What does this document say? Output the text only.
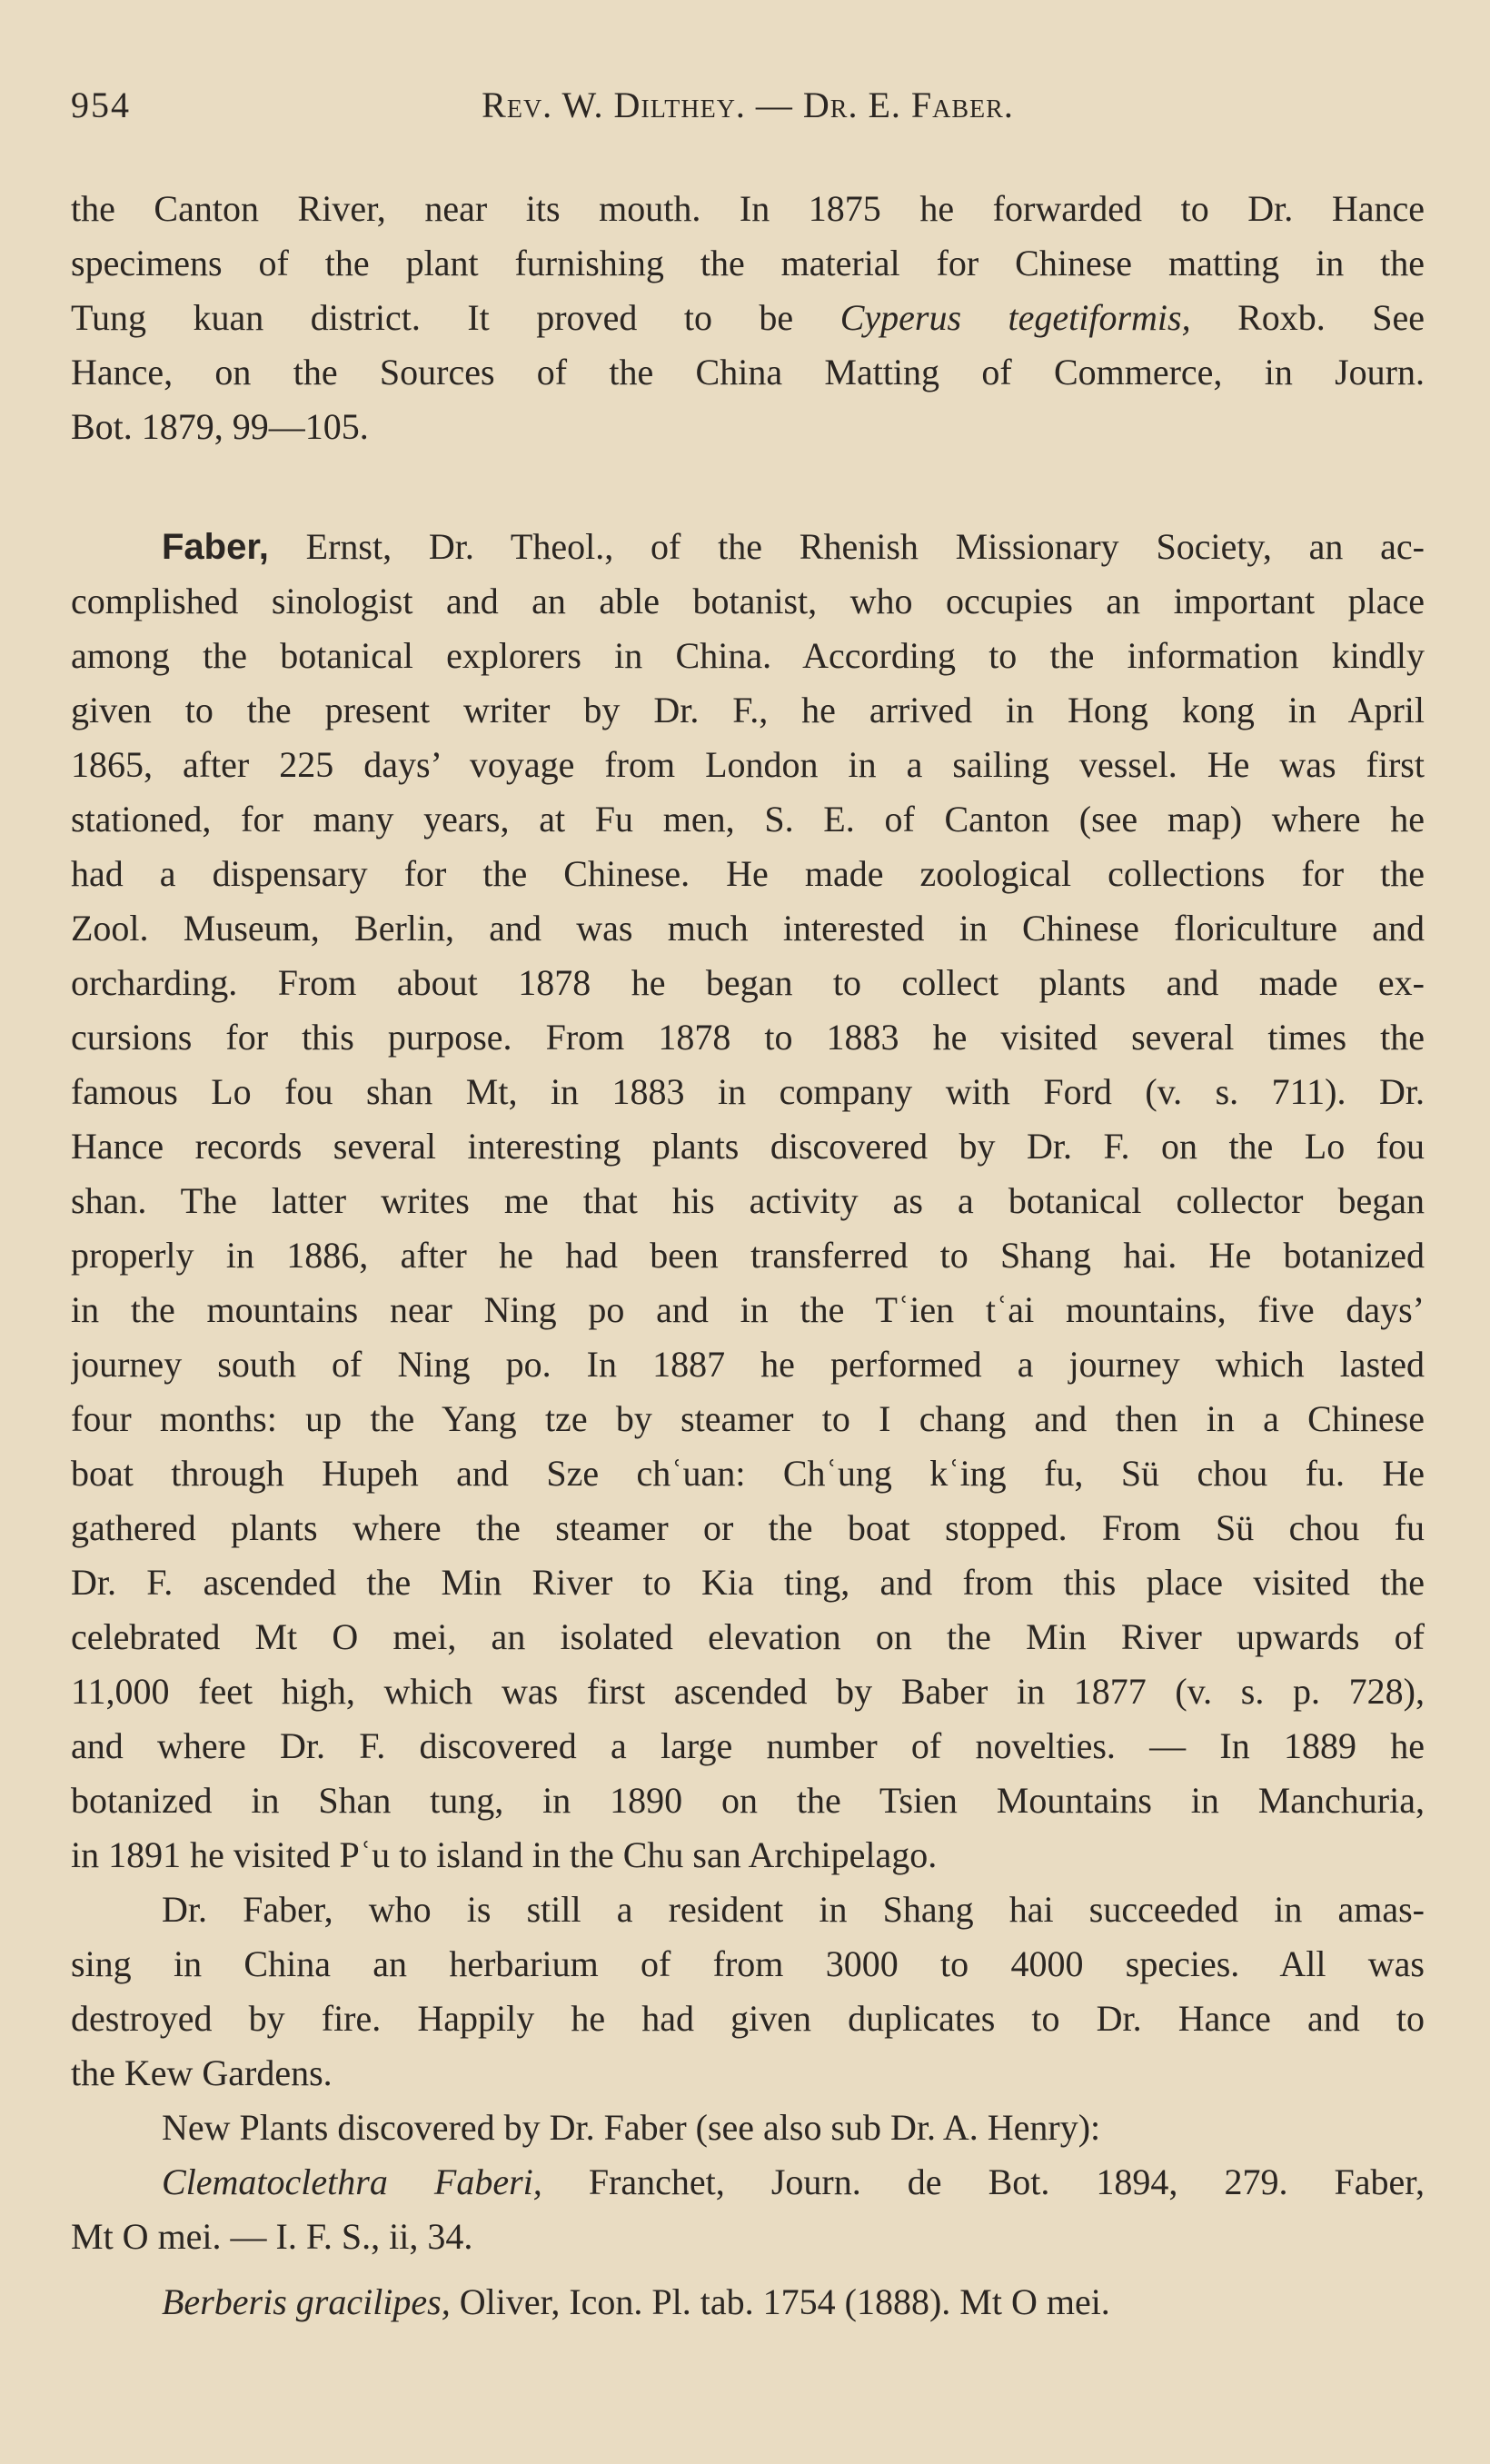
954	Rev. W. Dilthey. — Dr. E. Faber.
the Canton River, near its mouth. In 1875 he forwarded to Dr. Hance
specimens of the plant furnishing the material for Chinese matting in the
Tung kuan district. It proved to be Cyperus tegetiformis, Roxb. See
Hance, on the Sources of the China Matting of Commerce, in Journ.
Bot. 1879, 99—105.
Faber, Ernst, Dr. Theol., of the Rhenish Missionary Society, an ac-
complished sinologist and an able botanist, who occupies an important place
among the botanical explorers in China. According to the information kindly
given to the present writer by Dr. F., he arrived in Hong kong in April
1865, after 225 days’ voyage from London in a sailing vessel. He was first
stationed, for many years, at Fu men, S. E. of Canton (see map) where he
had a dispensary for the Chinese. He made zoological collections for the
Zool. Museum, Berlin, and was much interested in Chinese floriculture and
orcharding. From about 1878 he began to collect plants and made ex-
cursions for this purpose. From 1878 to 1883 he visited several times the
famous Lo fou shan Mt, in 1883 in company with Ford (v. s. 711). Dr.
Hance records several interesting plants discovered by Dr. F. on the Lo fou
shan. The latter writes me that his activity as a botanical collector began
properly in 1886, after he had been transferred to Shang hai. He botanized
in the mountains near Ning po and in the Tʿien tʿai mountains, five days’
journey south of Ning po. In 1887 he performed a journey which lasted
four months: up the Yang tze by steamer to I chang and then in a Chinese
boat through Hupeh and Sze chʿuan: Chʿung kʿing fu, Sü chou fu. He
gathered plants where the steamer or the boat stopped. From Sü chou fu
Dr. F. ascended the Min River to Kia ting, and from this place visited the
celebrated Mt O mei, an isolated elevation on the Min River upwards of
11,000 feet high, which was first ascended by Baber in 1877 (v. s. p. 728),
and where Dr. F. discovered a large number of novelties. — In 1889 he
botanized in Shan tung, in 1890 on the Tsien Mountains in Manchuria,
in 1891 he visited Pʿu to island in the Chu san Archipelago.
Dr. Faber, who is still a resident in Shang hai succeeded in amas-
sing in China an herbarium of from 3000 to 4000 species. All was
destroyed by fire. Happily he had given duplicates to Dr. Hance and to
the Kew Gardens.
New Plants discovered by Dr. Faber (see also sub Dr. A. Henry):
Clematoclethra Faberi, Franchet, Journ. de Bot. 1894, 279. Faber,
Mt O mei. — I. F. S., ii, 34.
Berberis gracilipes, Oliver, Icon. Pl. tab. 1754 (1888). Mt O mei.
